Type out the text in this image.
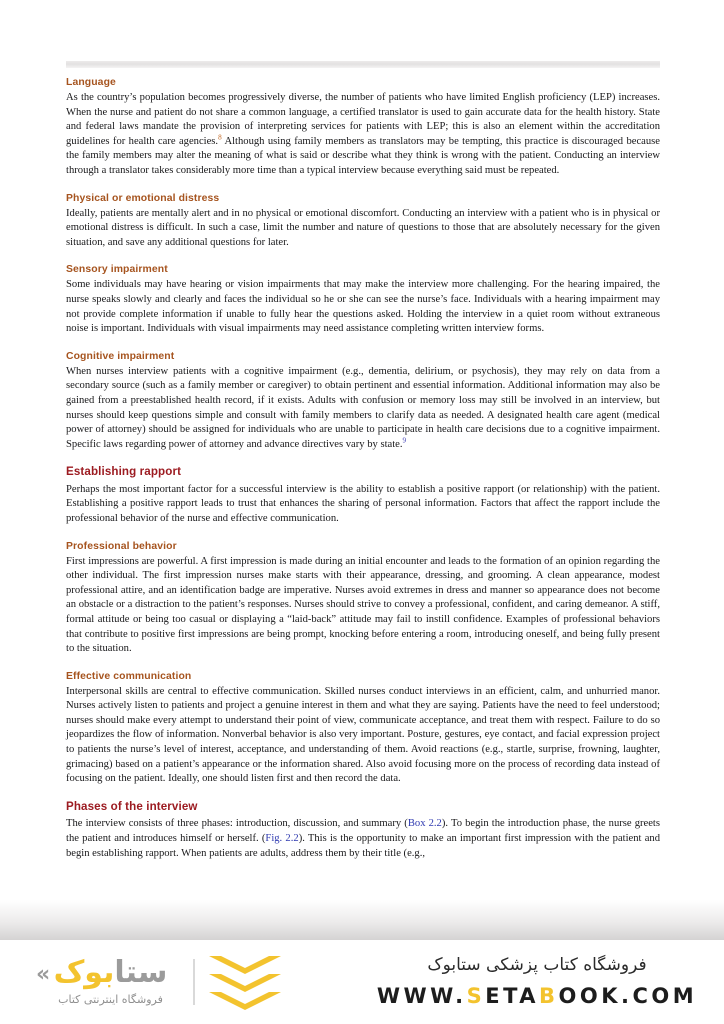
Language

As the country’s population becomes progressively diverse, the number of patients who have limited English proficiency (LEP) increases. When the nurse and patient do not share a common language, a certified translator is used to gain accurate data for the health history. State and federal laws mandate the provision of interpreting services for patients with LEP; this is also an element within the accreditation guidelines for health care agencies.$^8$ Although using family members as translators may be tempting, this practice is discouraged because the family members may alter the meaning of what is said or describe what they think is wrong with the patient. Conducting an interview through a translator takes considerably more time than a typical interview because everything said must be repeated.

Physical or emotional distress

Ideally, patients are mentally alert and in no physical or emotional discomfort. Conducting an interview with a patient who is in physical or emotional distress is difficult. In such a case, limit the number and nature of questions to those that are absolutely necessary for the given situation, and save any additional questions for later.

Sensory impairment

Some individuals may have hearing or vision impairments that may make the interview more challenging. For the hearing impaired, the nurse speaks slowly and clearly and faces the individual so he or she can see the nurse’s face. Individuals with a hearing impairment may not provide complete information if unable to fully hear the questions asked. Holding the interview in a quiet room without extraneous noise is important. Individuals with visual impairments may need assistance completing written interview forms.

Cognitive impairment

When nurses interview patients with a cognitive impairment (e.g., dementia, delirium, or psychosis), they may rely on data from a secondary source (such as a family member or caregiver) to obtain pertinent and essential information. Additional information may also be gained from a preestablished health record, if it exists. Adults with confusion or memory loss may still be involved in an interview, but nurses should keep questions simple and consult with family members to clarify data as needed. A designated health care agent (medical power of attorney) should be assigned for individuals who are unable to participate in health care decisions due to a cognitive impairment. Specific laws regarding power of attorney and advance directives vary by state.$^9$

Establishing rapport

Perhaps the most important factor for a successful interview is the ability to establish a positive rapport (or relationship) with the patient. Establishing a positive rapport leads to trust that enhances the sharing of personal information. Factors that affect the rapport include the professional behavior of the nurse and effective communication.

Professional behavior

First impressions are powerful. A first impression is made during an initial encounter and leads to the formation of an opinion regarding the other individual. The first impression nurses make starts with their appearance, dressing, and grooming. A clean appearance, modest professional attire, and an identification badge are imperative. Nurses avoid extremes in dress and manner so appearance does not become an obstacle or a distraction to the patient’s responses. Nurses should strive to convey a professional, confident, and caring demeanor. A stiff, formal attitude or being too casual or displaying a “laid-back” attitude may fail to instill confidence. Examples of professional behaviors that contribute to positive first impressions are being prompt, knocking before entering a room, introducing oneself, and being fully present to the situation.

Effective communication

Interpersonal skills are central to effective communication. Skilled nurses conduct interviews in an efficient, calm, and unhurried manor. Nurses actively listen to patients and project a genuine interest in them and what they are saying. Patients have the need to feel understood; nurses should make every attempt to understand their point of view, communicate acceptance, and treat them with respect. Failure to do so jeopardizes the flow of information. Nonverbal behavior is also very important. Posture, gestures, eye contact, and facial expression project to patients the nurse’s level of interest, acceptance, and understanding of them. Avoid reactions (e.g., startle, surprise, frowning, laughter, grimacing) based on a patient’s appearance or the information shared. Also avoid focusing more on the process of recording data instead of focusing on the patient. Ideally, one should listen first and then record the data.

Phases of the interview

The interview consists of three phases: introduction, discussion, and summary (Box 2.2). To begin the introduction phase, the nurse greets the patient and introduces himself or herself. (Fig. 2.2). This is the opportunity to make an important first impression with the patient and begin establishing rapport. When patients are adults, address them by their title (e.g.,

«	ستابوک
فروشگاه اینترنتی کتاب
فروشگاه کتاب پزشکی ستابوک
WWW.SETABOOK.COM
